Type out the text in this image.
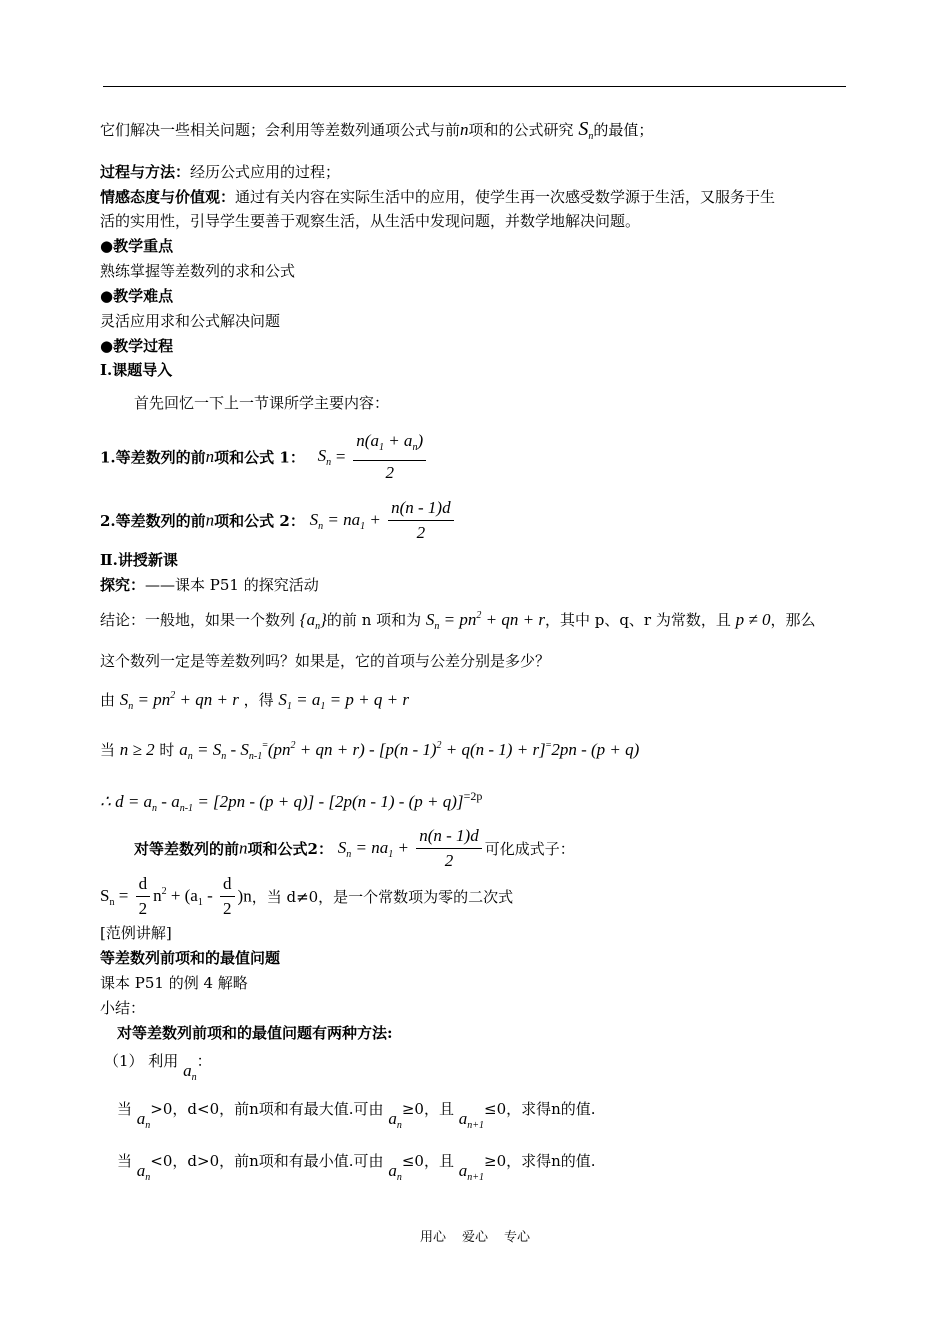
它们解决一些相关问题；会利用等差数列通项公式与前n项和的公式研究 $S_n$的最值；
过程与方法：经历公式应用的过程；
情感态度与价值观：通过有关内容在实际生活中的应用，使学生再一次感受数学源于生活，又服务于生
活的实用性，引导学生要善于观察生活，从生活中发现问题，并数学地解决问题。
●教学重点
熟练掌握等差数列的求和公式
●教学难点
灵活应用求和公式解决问题
●教学过程
Ⅰ.课题导入
首先回忆一下上一节课所学主要内容：
1.等差数列的前n项和公式 1： $S_n = \frac{n(a_1 + a_n)}{2}$
2.等差数列的前n项和公式 2： $S_n = na_1 + \frac{n(n - 1)d}{2}$
Ⅱ.讲授新课
探究：——课本 P51 的探究活动
结论：一般地，如果一个数列 $\{a_n\}$的前 n 项和为 $S_n = pn^2$ + qn + r，其中 p、q、r 为常数，且 p ≠ 0，那么
这个数列一定是等差数列吗？如果是，它的首项与公差分别是多少？
由 $S_n = pn^2$ + qn + r ，得 $S_1 = a_1 = p + q + r$
当 n ≥ 2 时 $a_n = S_n - S_{n-1}^=(pn^2$ + qn + r) - [p(n - 1)$^2$ + q(n - 1) + r]=2pn - (p + q)
∴ $d = a_n - a_{n-1} = [2pn - (p + q)] - [2p(n - 1) - (p + q)]^{=2p}$
对等差数列的前n项和公式2： $S_n = na_1 + \frac{n(n - 1)d}{2}$ 可化成式子：
$S_n = \frac{d}{2} n^2 + (a_1 - \frac{d}{2} )n$，当 d≠0，是一个常数项为零的二次式
[范例讲解]
等差数列前项和的最值问题
课本 P51 的例 4 解略
小结：
对等差数列前项和的最值问题有两种方法:
（1） 利用 $a_n$：
当 $a_n>0$，d<0，前n项和有最大值.可由 $a_n\ge 0$，且 $a_{n+1}\le 0$，求得n的值.
当 $a_n<0$，d>0，前n项和有最小值.可由 $a_n\le 0$，且 $a_{n+1}\ge 0$，求得n的值.
用心 爱心 专心
